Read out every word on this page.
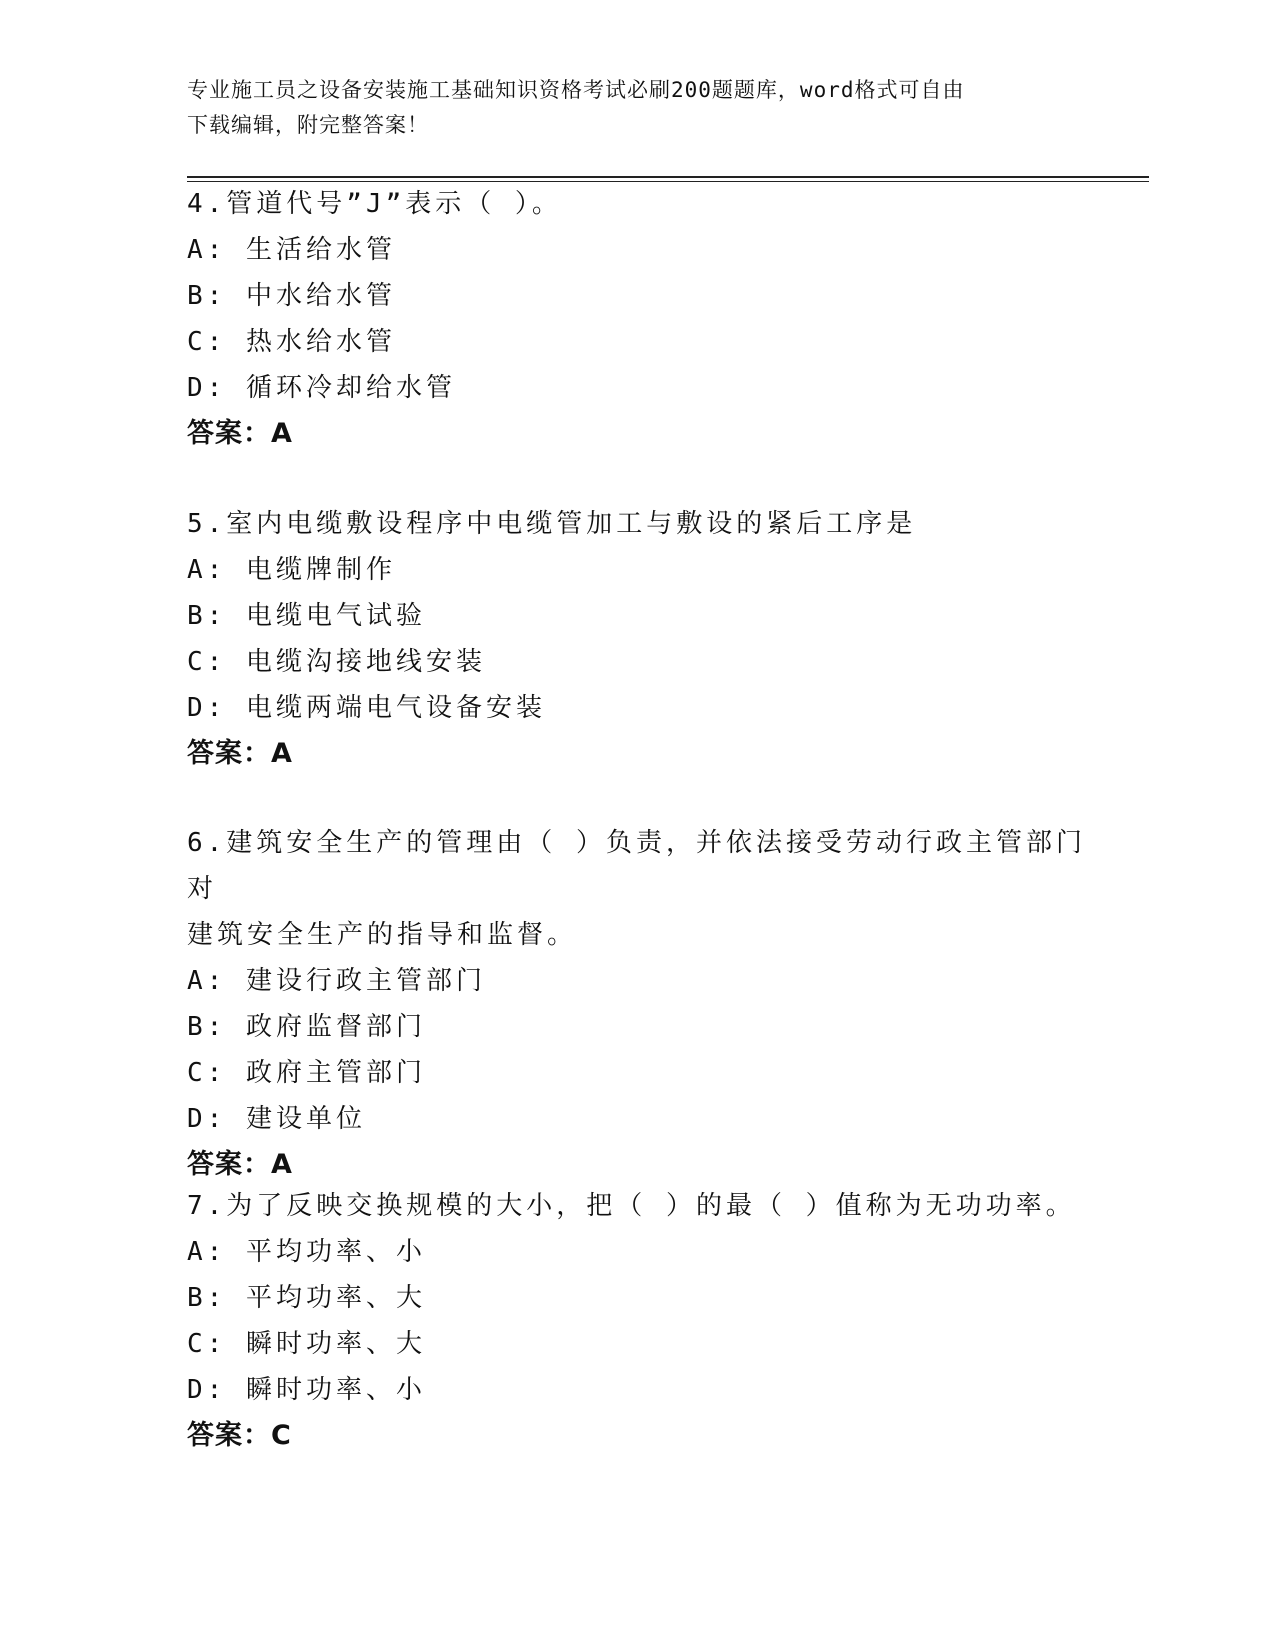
专业施工员之设备安装施工基础知识资格考试必刷200题题库，word格式可自由
下载编辑，附完整答案！
4.管道代号”J”表示（ ）。
A: 生活给水管
B: 中水给水管
C: 热水给水管
D: 循环冷却给水管
答案：A
5.室内电缆敷设程序中电缆管加工与敷设的紧后工序是
A: 电缆牌制作
B: 电缆电气试验
C: 电缆沟接地线安装
D: 电缆两端电气设备安装
答案：A
6.建筑安全生产的管理由（ ）负责，并依法接受劳动行政主管部门对
建筑安全生产的指导和监督。
A: 建设行政主管部门
B: 政府监督部门
C: 政府主管部门
D: 建设单位
答案：A
7.为了反映交换规模的大小，把（ ）的最（ ）值称为无功功率。
A: 平均功率、小
B: 平均功率、大
C: 瞬时功率、大
D: 瞬时功率、小
答案：C
